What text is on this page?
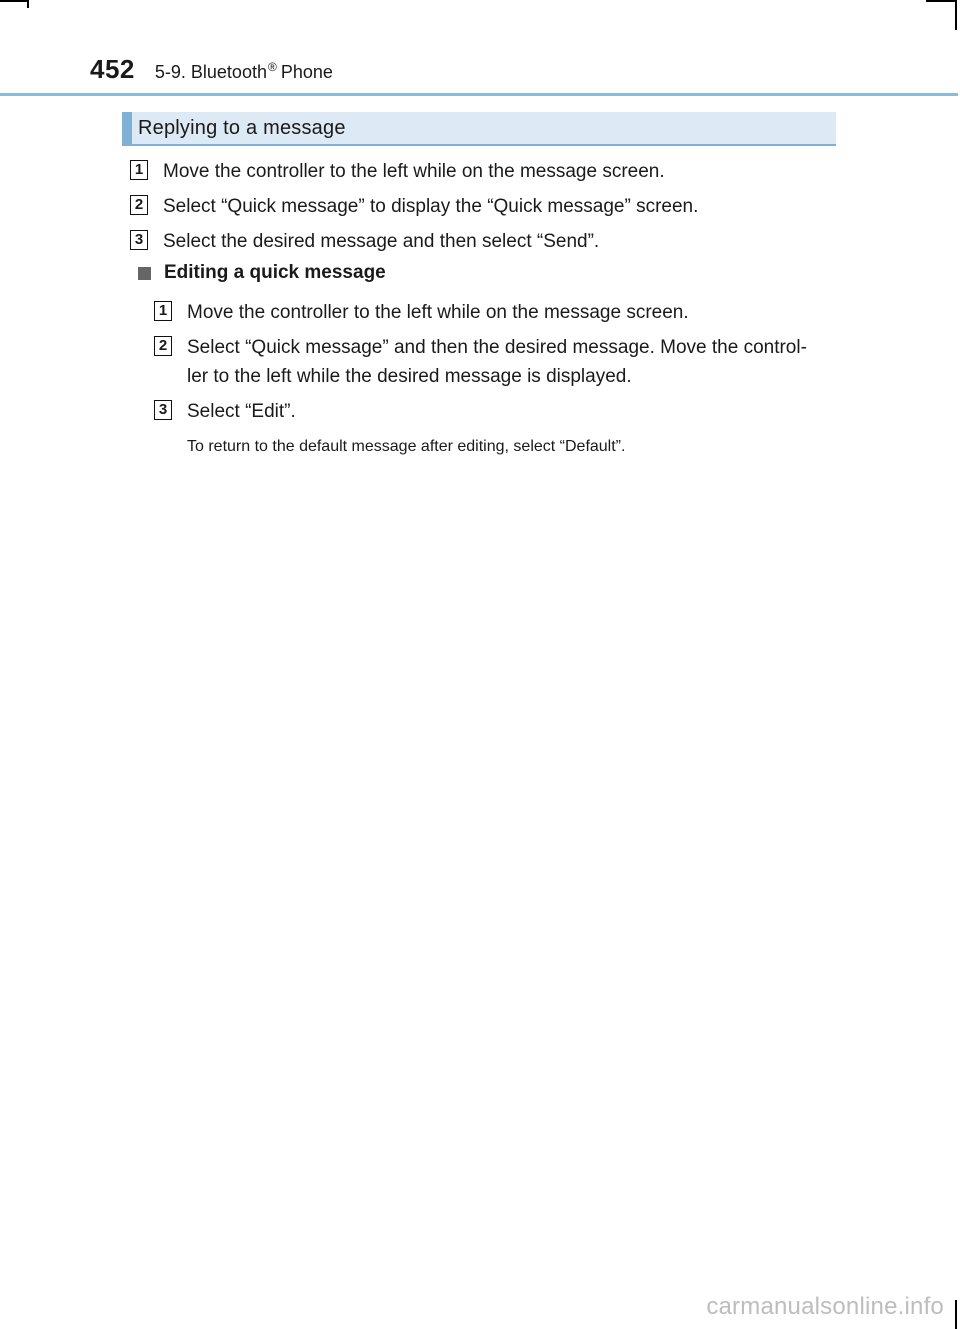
452 5-9. Bluetooth® Phone
Replying to a message
1 Move the controller to the left while on the message screen.
2 Select “Quick message” to display the “Quick message” screen.
3 Select the desired message and then select “Send”.
Editing a quick message
1 Move the controller to the left while on the message screen.
2 Select “Quick message” and then the desired message. Move the control-
ler to the left while the desired message is displayed.
3 Select “Edit”.
To return to the default message after editing, select “Default”.
carmanualsonline.info
